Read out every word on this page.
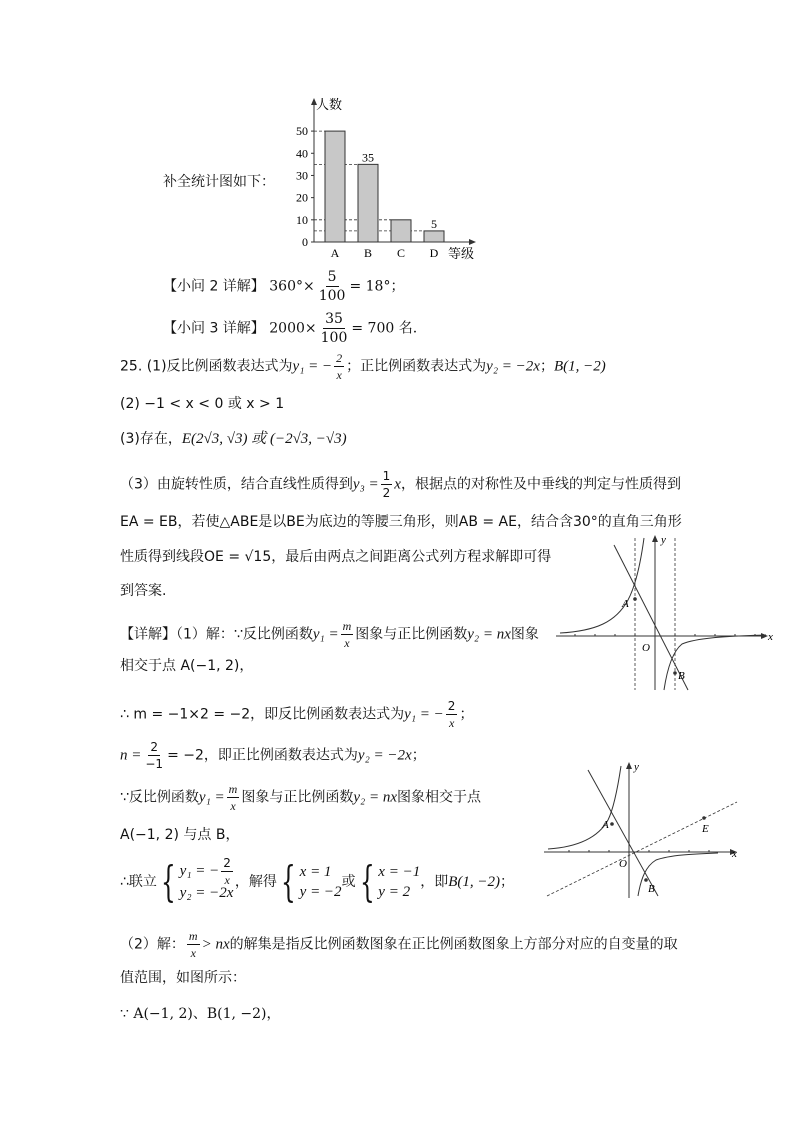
补全统计图如下：
A B
35
C D
5
0
10
20
30
40
50
人数
等级
【小问 2 详解】 $360^\circ\times \frac{5}{100} = 18^\circ$；
【小问 3 详解】 $2000\times \frac{35}{100} = 700$ 名.
25. (1)反比例函数表达式为y₁ = − $\frac{2}{x}$ ；正比例函数表达式为y₂ = −2x；B(1, −2)
(2) −1 < x < 0 或 x > 1
(3)存在，E(2√3, √3) 或 (−2√3, −√3)
（3）由旋转性质，结合直线性质得到$y_3 = \frac{1}{2}$ x，根据点的对称性及中垂线的判定与性质得到
EA = EB，若使△ABE是以BE为底边的等腰三角形，则AB = AE，结合含30°的直角三角形
性质得到线段OE = √15，最后由两点之间距离公式列方程求解即可得
到答案.
【详解】（1）解：∵反比例函数$y_1 = \frac{m}{x}$ 图象与正比例函数y₂ = nx图象
相交于点 A(−1, 2)，
∴ m = −1×2 = −2，即反比例函数表达式为y₁ = − $\frac{2}{x}$ ；
$n = \frac{2}{-1} = -2$，即正比例函数表达式为y₂ = −2x；
∵反比例函数$y_1 = \frac{m}{x}$ 图象与正比例函数y₂ = nx图象相交于点
A(−1, 2) 与点 B，
∴联立 { y₁ = − $\frac{2}{x}$
y₂ = −2x
，解得 { x = 1
y = −2
或 { x = −1
y = 2
，即 B(1, −2) ；
（2）解： $\frac{m}{x}$ > nx的解集是指反比例函数图象在正比例函数图象上方部分对应的自变量的取
值范围，如图所示：
∵ A(−1, 2)、B(1, −2)，
y
x
O
A
B
y
x
O
A
B
E
